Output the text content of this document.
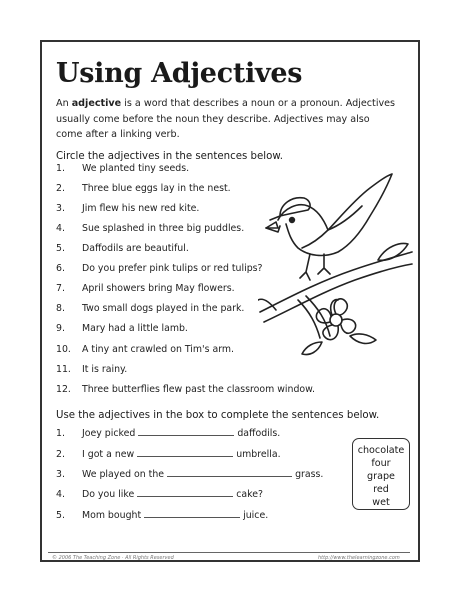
Using Adjectives
An adjective is a word that describes a noun or a pronoun. Adjectives usually come before the noun they describe. Adjectives may also come after a linking verb.
Circle the adjectives in the sentences below.
1. We planted tiny seeds.
2. Three blue eggs lay in the nest.
3. Jim flew his new red kite.
4. Sue splashed in three big puddles.
5. Daffodils are beautiful.
6. Do you prefer pink tulips or red tulips?
7. April showers bring May flowers.
8. Two small dogs played in the park.
9. Mary had a little lamb.
10. A tiny ant crawled on Tim's arm.
11. It is rainy.
12. Three butterflies flew past the classroom window.
Use the adjectives in the box to complete the sentences below.
1. Joey picked	daffodils.
2. I got a new	umbrella.
3. We played on the	grass.
4. Do you like	cake?
5. Mom bought	juice.
chocolate
four
grape
red
wet
© 2006 The Teaching Zone · All Rights Reserved	http://www.thelearningzone.com
